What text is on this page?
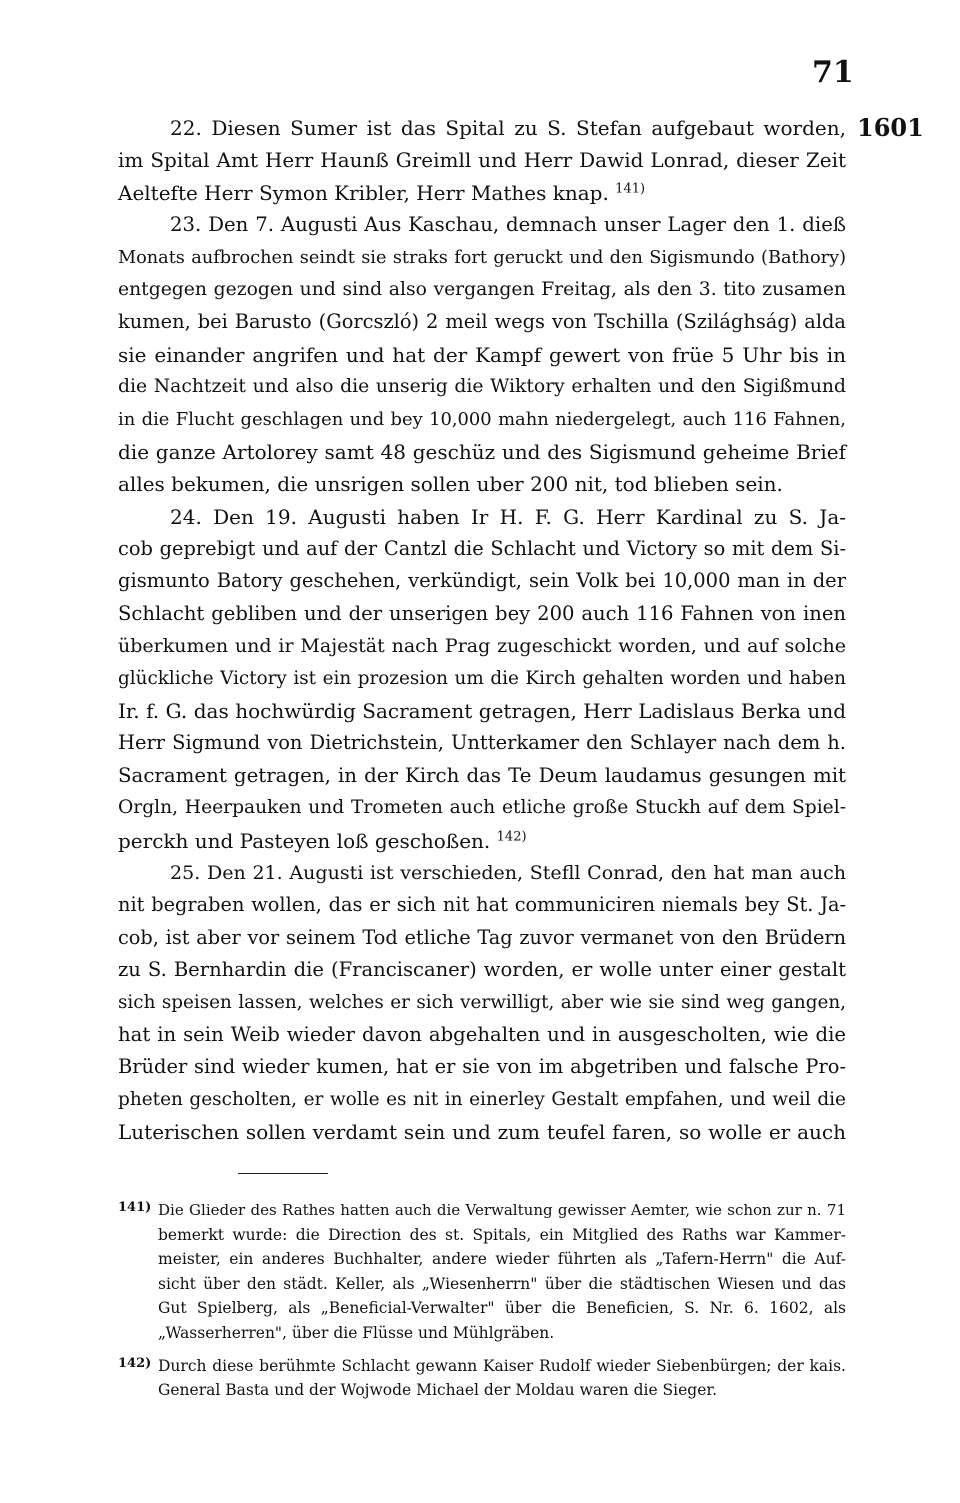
71
1601
22. Diesen Sumer ist das Spital zu S. Stefan aufgebaut worden,
im Spital Amt Herr Haunß Greimll und Herr Dawid Lonrad, dieser Zeit
Aeltefte Herr Symon Kribler, Herr Mathes knap. $^{141)}$
23. Den 7. Augusti Aus Kaschau, demnach unser Lager den 1. dieß
Monats aufbrochen seindt sie straks fort geruckt und den Sigismundo (Bathory)
entgegen gezogen und sind also vergangen Freitag, als den 3. tito zusamen
kumen, bei Barusto (Gorcszló) 2 meil wegs von Tschilla (Szilághság) alda
sie einander angrifen und hat der Kampf gewert von früe 5 Uhr bis in
die Nachtzeit und also die unserig die Wiktory erhalten und den Sigißmund
in die Flucht geschlagen und bey 10,000 mahn niedergelegt, auch 116 Fahnen,
die ganze Artolorey samt 48 geschüz und des Sigismund geheime Brief
alles bekumen, die unsrigen sollen uber 200 nit, tod blieben sein.
24. Den 19. Augusti haben Ir H. F. G. Herr Kardinal zu S. Ja-
cob geprebigt und auf der Cantzl die Schlacht und Victory so mit dem Si-
gismunto Batory geschehen, verkündigt, sein Volk bei 10,000 man in der
Schlacht gebliben und der unserigen bey 200 auch 116 Fahnen von inen
überkumen und ir Majestät nach Prag zugeschickt worden, und auf solche
glückliche Victory ist ein prozesion um die Kirch gehalten worden und haben
Ir. f. G. das hochwürdig Sacrament getragen, Herr Ladislaus Berka und
Herr Sigmund von Dietrichstein, Untterkamer den Schlayer nach dem h.
Sacrament getragen, in der Kirch das Te Deum laudamus gesungen mit
Orgln, Heerpauken und Trometen auch etliche große Stuckh auf dem Spiel-
perckh und Pasteyen loß geschoßen. $^{142)}$
25. Den 21. Augusti ist verschieden, Stefll Conrad, den hat man auch
nit begraben wollen, das er sich nit hat communiciren niemals bey St. Ja-
cob, ist aber vor seinem Tod etliche Tag zuvor vermanet von den Brüdern
zu S. Bernhardin die (Franciscaner) worden, er wolle unter einer gestalt
sich speisen lassen, welches er sich verwilligt, aber wie sie sind weg gangen,
hat in sein Weib wieder davon abgehalten und in ausgescholten, wie die
Brüder sind wieder kumen, hat er sie von im abgetriben und falsche Pro-
pheten gescholten, er wolle es nit in einerley Gestalt empfahen, und weil die
Luterischen sollen verdamt sein und zum teufel faren, so wolle er auch
141) Die Glieder des Rathes hatten auch die Verwaltung gewisser Aemter, wie schon zur n. 71
bemerkt wurde: die Direction des st. Spitals, ein Mitglied des Raths war Kammer-
meister, ein anderes Buchhalter, andere wieder führten als „Tafern-Herrn" die Auf-
sicht über den städt. Keller, als „Wiesenherrn" über die städtischen Wiesen und das
Gut Spielberg, als „Beneficial-Verwalter" über die Beneficien, S. Nr. 6. 1602, als
„Wasserherren", über die Flüsse und Mühlgräben.
142) Durch diese berühmte Schlacht gewann Kaiser Rudolf wieder Siebenbürgen; der kais.
General Basta und der Wojwode Michael der Moldau waren die Sieger.
